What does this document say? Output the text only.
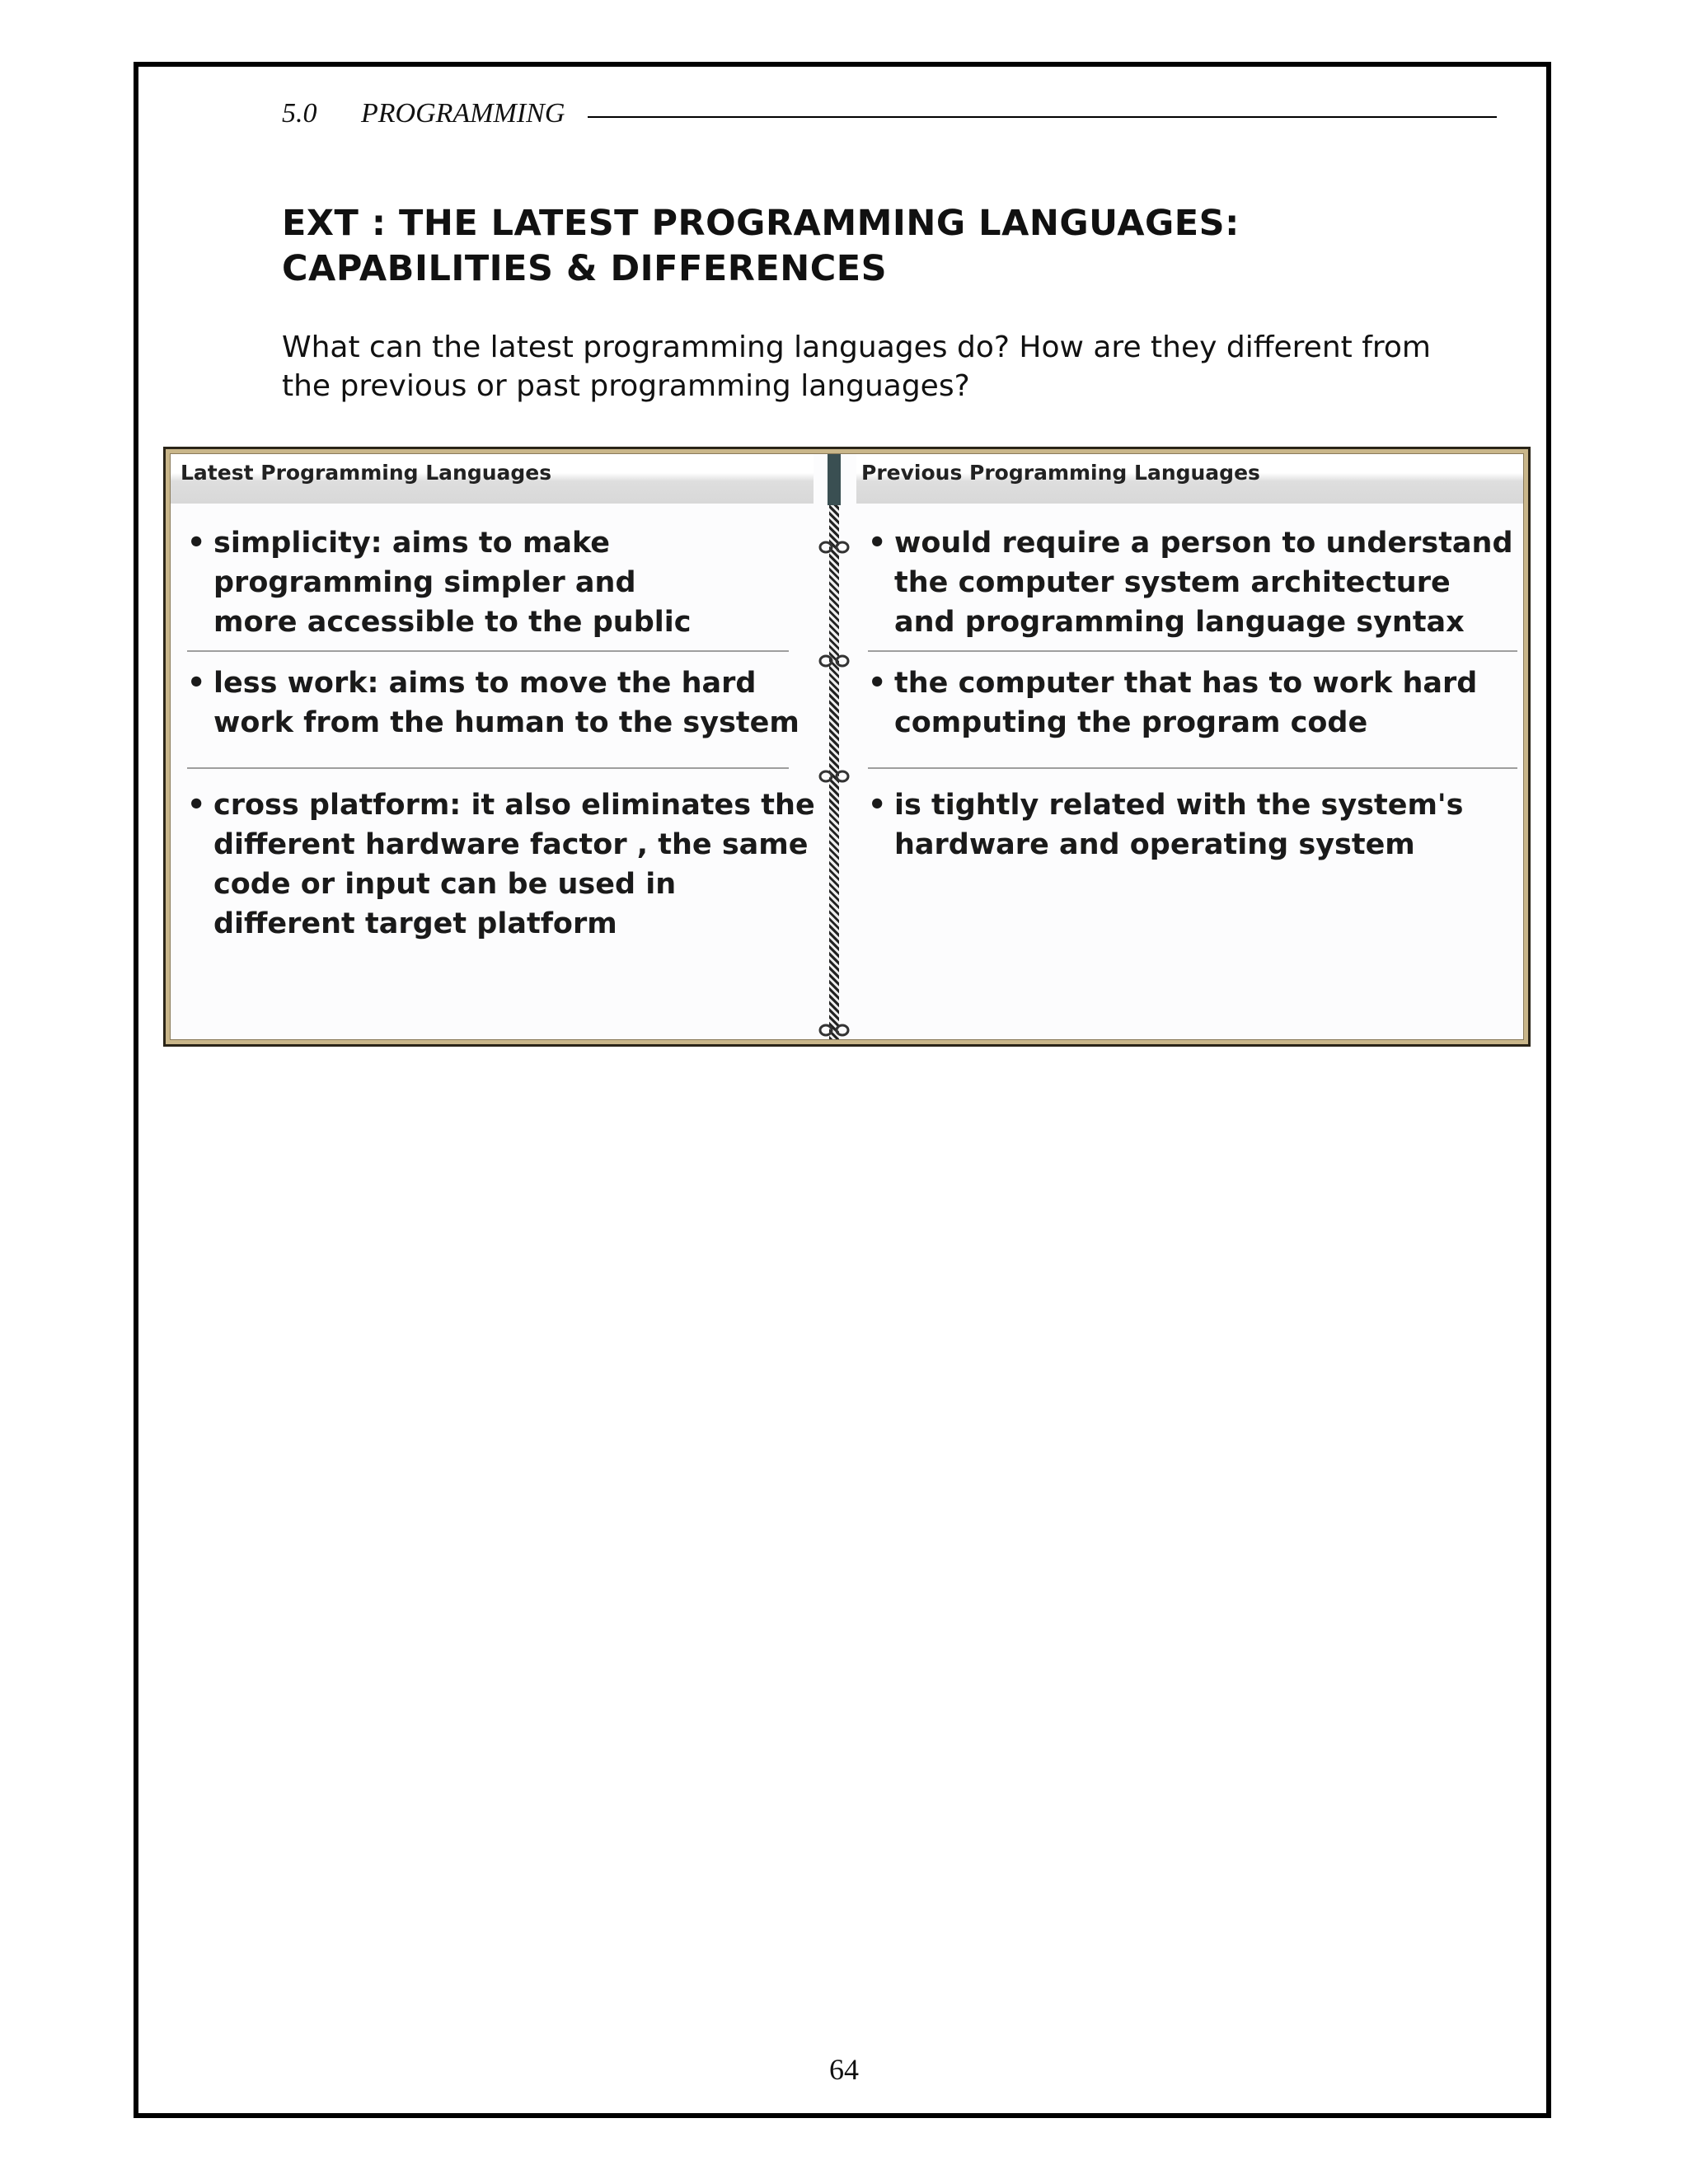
5.0	PROGRAMMING
EXT : THE LATEST PROGRAMMING LANGUAGES:
CAPABILITIES & DIFFERENCES

What can the latest programming languages do? How are they different from
the previous or past programming languages?

Latest Programming Languages
• simplicity: aims to make
programming simpler and
more accessible to the public
• less work: aims to move the hard
work from the human to the system
• cross platform: it also eliminates the
different hardware factor , the same
code or input can be used in
different target platform
Previous Programming Languages
• would require a person to understand
the computer system architecture
and programming language syntax
• the computer that has to work hard
computing the program code
• is tightly related with the system's
hardware and operating system
64
